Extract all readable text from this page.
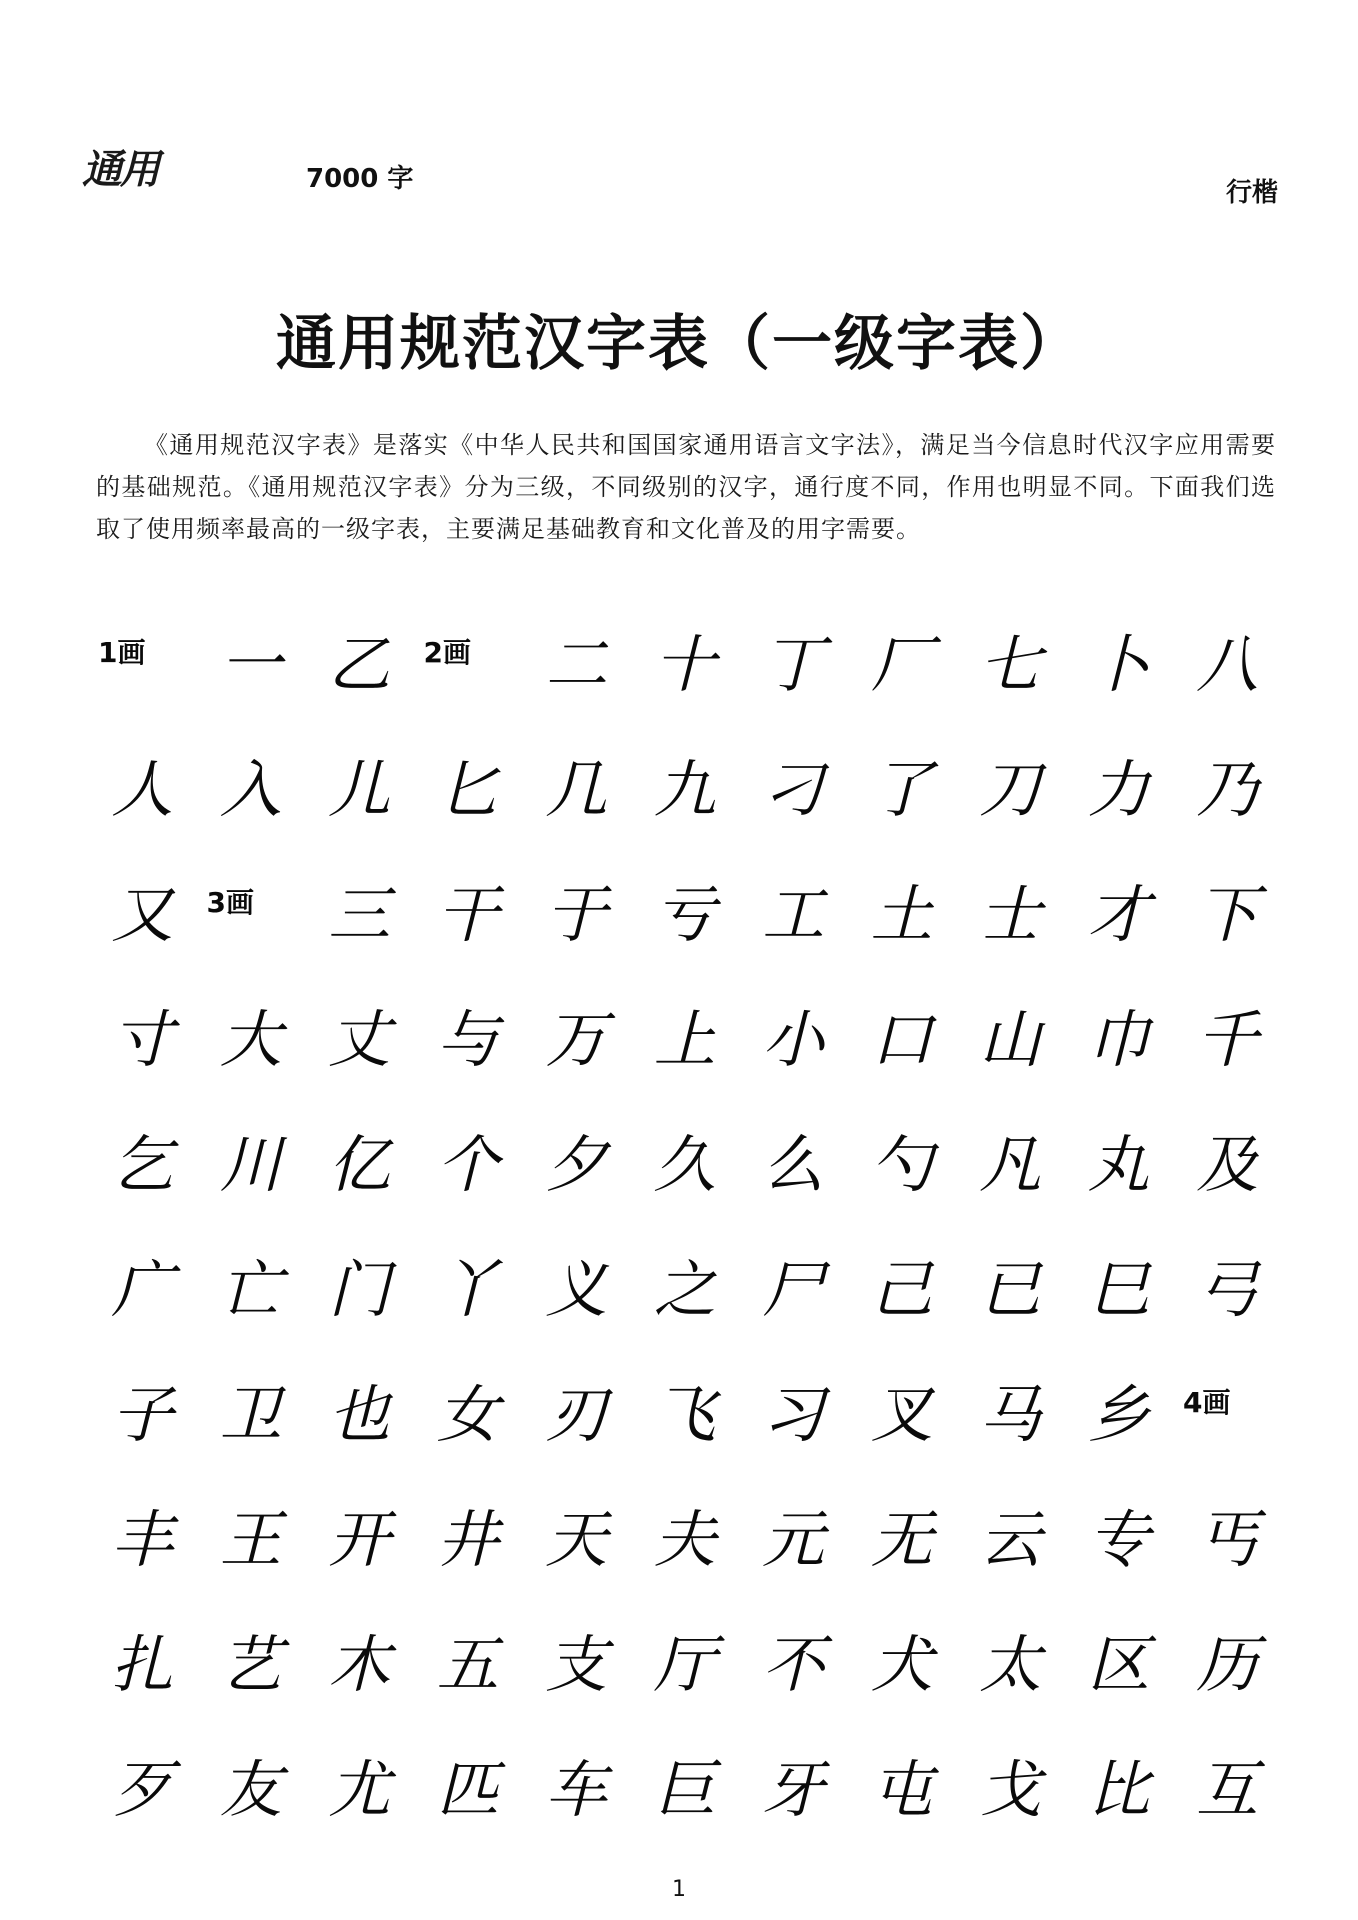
通用	7000 字	行楷
通用规范汉字表（一级字表）
《通用规范汉字表》是落实《中华人民共和国国家通用语言文字法》，满足当今信息时代汉字应用需要的基础规范。《通用规范汉字表》分为三级，不同级别的汉字，通行度不同，作用也明显不同。下面我们选取了使用频率最高的一级字表，主要满足基础教育和文化普及的用字需要。
1画	一 乙	2画	二 十 丁 厂 七 卜 八
人 入 儿 匕 几 九 刁 了 刀 力 乃
又	3画	三 干 于 亏 工 土 士 才 下
寸 大 丈 与 万 上 小 口 山 巾 千
乞 川 亿 个 夕 久 么 勺 凡 丸 及
广 亡 门 丫 义 之 尸 己 已 巳 弓
子 卫 也 女 刃 飞 习 叉 马 乡	4画
丰 王 开 井 天 夫 元 无 云 专 丐
扎 艺 木 五 支 厅 不 犬 太 区 历
歹 友 尤 匹 车 巨 牙 屯 戈 比 互
1
